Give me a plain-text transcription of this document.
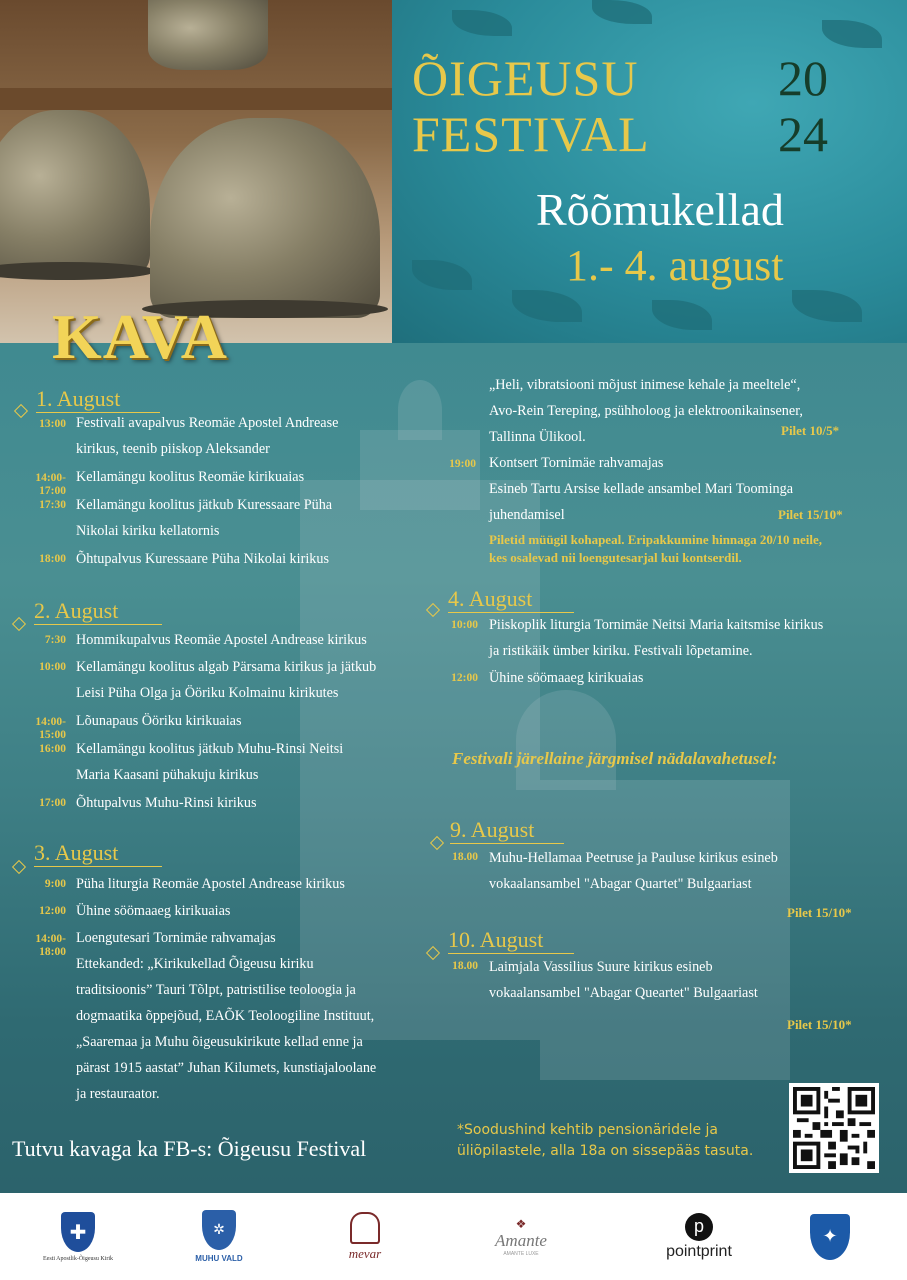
ÕIGEUSU
FESTIVAL
20
24
Rõõmukellad
1.- 4. august
KAVA
1. August
13:00 Festivali avapalvus Reomäe Apostel Andrease
kirikus, teenib piiskop Aleksander
14:00-
17:00
Kellamängu koolitus Reomäe kirikuaias
17:30 Kellamängu koolitus jätkub Kuressaare Püha
Nikolai kiriku kellatornis
18:00 Õhtupalvus Kuressaare Püha Nikolai kirikus
2. August
7:30 Hommikupalvus Reomäe Apostel Andrease kirikus
10:00 Kellamängu koolitus algab Pärsama kirikus ja jätkub
Leisi Püha Olga ja Ööriku Kolmainu kirikutes
14:00-
15:00
Lõunapaus Ööriku kirikuaias
16:00 Kellamängu koolitus jätkub Muhu-Rinsi Neitsi
Maria Kaasani pühakuju kirikus
17:00 Õhtupalvus Muhu-Rinsi kirikus
3. August
9:00 Püha liturgia Reomäe Apostel Andrease kirikus
12:00 Ühine söömaaeg kirikuaias
14:00-
18:00
Loengutesari Tornimäe rahvamajas
Ettekanded: „Kirikukellad Õigeusu kiriku
traditsioonis” Tauri Tõlpt, patristilise teoloogia ja
dogmaatika õppejõud, EAÕK Teoloogiline Instituut,
„Saaremaa ja Muhu õigeusukirikute kellad enne ja
pärast 1915 aastat” Juhan Kilumets, kunstiajaloolane
ja restauraator.
„Heli, vibratsiooni mõjust inimese kehale ja meeltele“,
Avo-Rein Tereping, psühholoog ja elektroonikainsener,
Tallinna Ülikool.	Pilet 10/5*
19:00 Kontsert Tornimäe rahvamajas
Esineb Tartu Arsise kellade ansambel Mari Toominga
juhendamisel	Pilet 15/10*
Piletid müügil kohapeal. Eripakkumine hinnaga 20/10 neile,
kes osalevad nii loengutesarjal kui kontserdil.
4. August
10:00 Piiskoplik liturgia Tornimäe Neitsi Maria kaitsmise kirikus
ja ristikäik ümber kiriku. Festivali lõpetamine.
12:00 Ühine söömaaeg kirikuaias
Festivali järellaine järgmisel nädalavahetusel:
9. August
18.00 Muhu-Hellamaa Peetruse ja Pauluse kirikus esineb
vokaalansambel "Abagar Quartet" Bulgaariast
Pilet 15/10*
10. August
18.00 Laimjala Vassilius Suure kirikus esineb
vokaalansambel "Abagar Queartet" Bulgaariast
Pilet 15/10*
Tutvu kavaga ka FB-s: Õigeusu Festival
*Soodushind kehtib pensionäridele ja
üliõpilastele, alla 18a on sissepääs tasuta.
✚
Eesti Apostlik-Õigeusu Kirik
✲
MUHU VALD	mevar
❖
Amante
AMANTE LUXE
p
pointprint
✦
